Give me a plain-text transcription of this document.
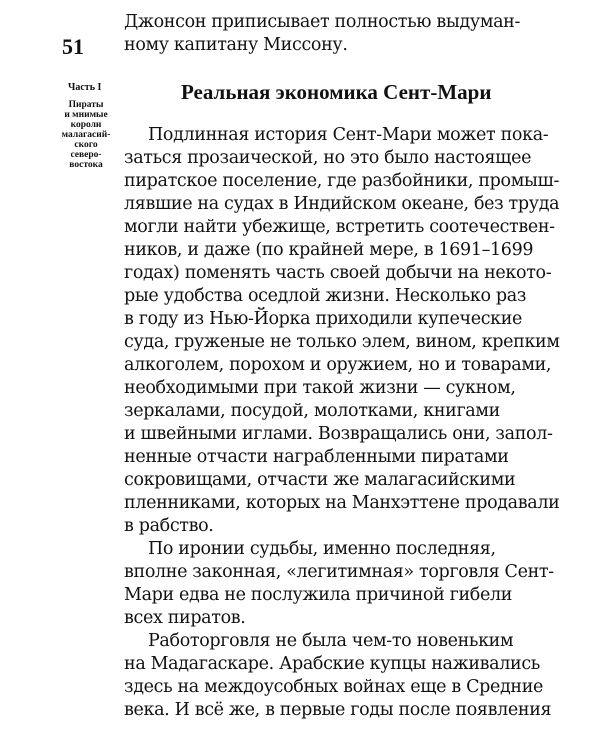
51
Часть I
Пираты
и мнимые
короли
малагасий-
ского
северо-
востока
Джонсон приписывает полностью выдуман-
ному капитану Миссону.
Реальная экономика Сент-Мари
Подлинная история Сент-Мари может пока-
заться прозаической, но это было настоящее
пиратское поселение, где разбойники, промыш-
лявшие на судах в Индийском океане, без труда
могли найти убежище, встретить соотечествен-
ников, и даже (по крайней мере, в 1691–1699
годах) поменять часть своей добычи на некото-
рые удобства оседлой жизни. Несколько раз
в году из Нью-Йорка приходили купеческие
суда, груженые не только элем, вином, крепким
алкоголем, порохом и оружием, но и товарами,
необходимыми при такой жизни — сукном,
зеркалами, посудой, молотками, книгами
и швейными иглами. Возвращались они, запол-
ненные отчасти награбленными пиратами
сокровищами, отчасти же малагасийскими
пленниками, которых на Манхэттене продавали
в рабство.
По иронии судьбы, именно последняя,
вполне законная, «легитимная» торговля Сент-
Мари едва не послужила причиной гибели
всех пиратов.
Работорговля не была чем-то новеньким
на Мадагаскаре. Арабские купцы наживались
здесь на междоусобных войнах еще в Средние
века. И всё же, в первые годы после появления
